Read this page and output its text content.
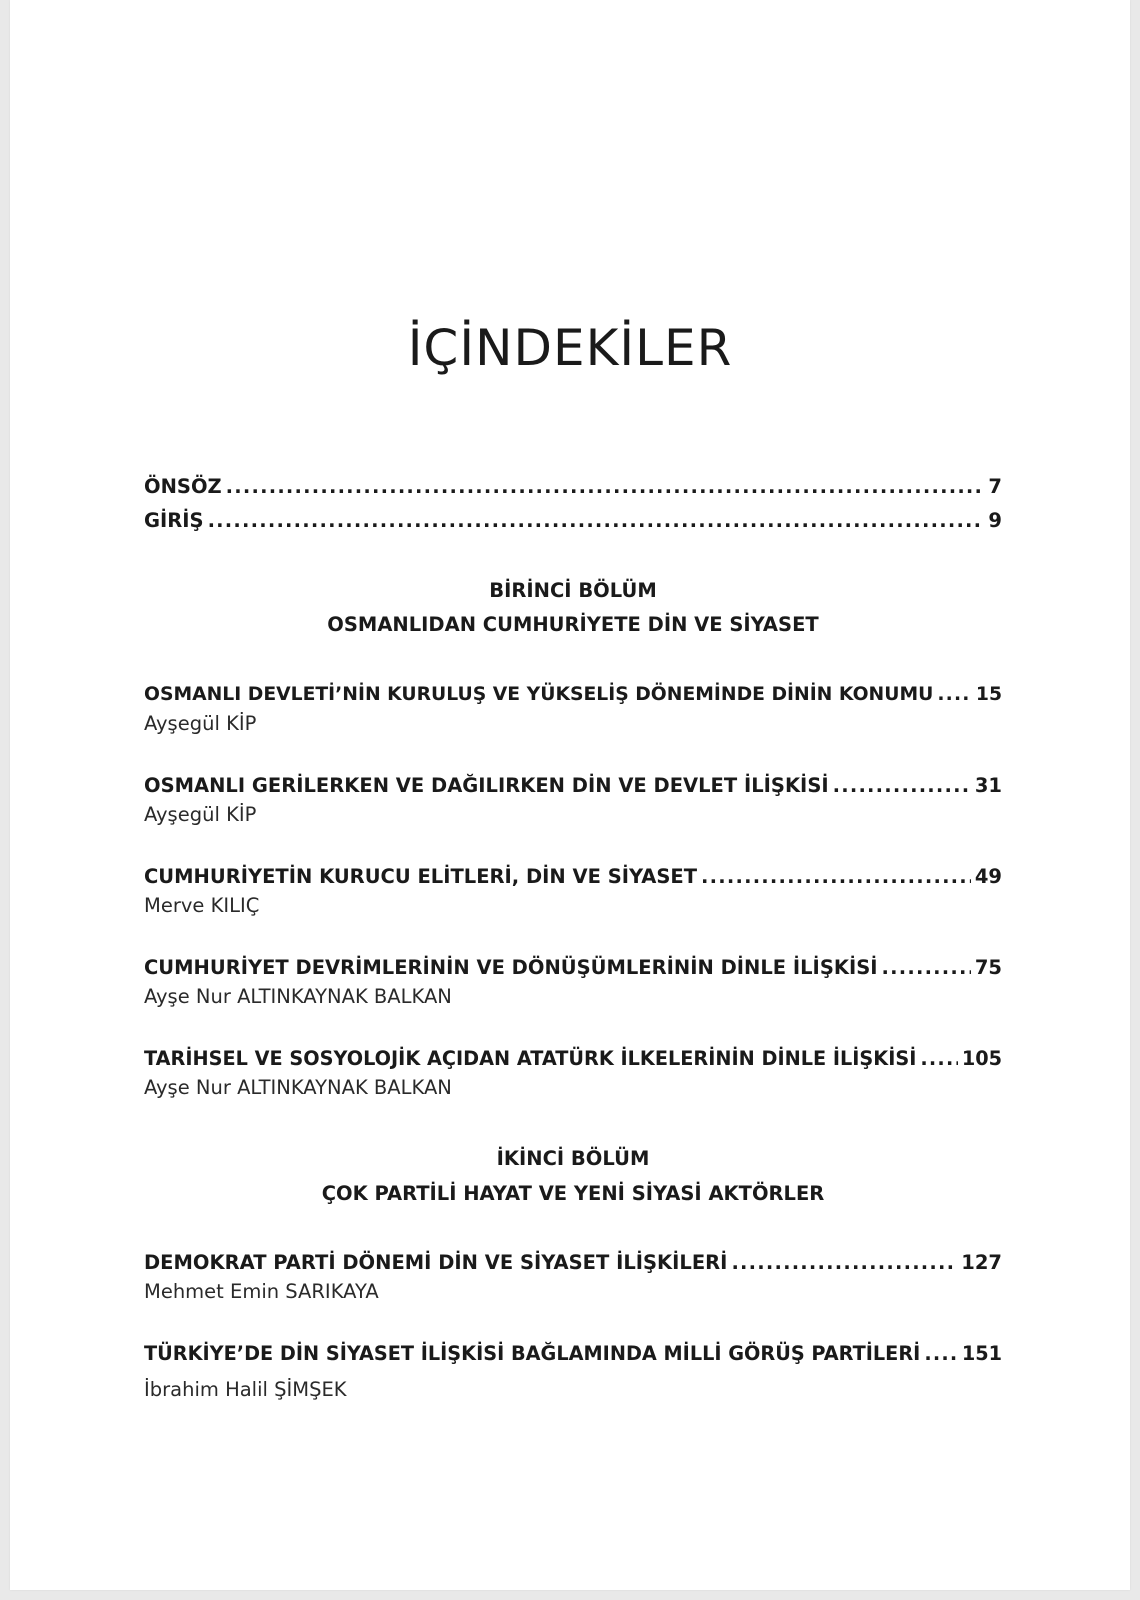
İÇİNDEKİLER
ÖNSÖZ .....	7
GİRİŞ .....	9
BİRİNCİ BÖLÜM
OSMANLIDAN CUMHURİYETE DİN VE SİYASET
OSMANLI DEVLETİ’NİN KURULUŞ VE YÜKSELİŞ DÖNEMİNDE DİNİN KONUMU ..... 15
Ayşegül KİP
OSMANLI GERİLERKEN VE DAĞILIRKEN DİN VE DEVLET İLİŞKİSİ .....	31
Ayşegül KİP
CUMHURİYETİN KURUCU ELİTLERİ, DİN VE SİYASET .....	49
Merve KILIÇ
CUMHURİYET DEVRİMLERİNİN VE DÖNÜŞÜMLERİNİN DİNLE İLİŞKİSİ .....	75
Ayşe Nur ALTINKAYNAK BALKAN
TARİHSEL VE SOSYOLOJİK AÇIDAN ATATÜRK İLKELERİNİN DİNLE İLİŞKİSİ ..... 105
Ayşe Nur ALTINKAYNAK BALKAN
İKİNCİ BÖLÜM
ÇOK PARTİLİ HAYAT VE YENİ SİYASİ AKTÖRLER
DEMOKRAT PARTİ DÖNEMİ DİN VE SİYASET İLİŞKİLERİ .....	127
Mehmet Emin SARIKAYA
TÜRKİYE’DE DİN SİYASET İLİŞKİSİ BAĞLAMINDA MİLLİ GÖRÜŞ PARTİLERİ ..... 151
İbrahim Halil ŞİMŞEK
